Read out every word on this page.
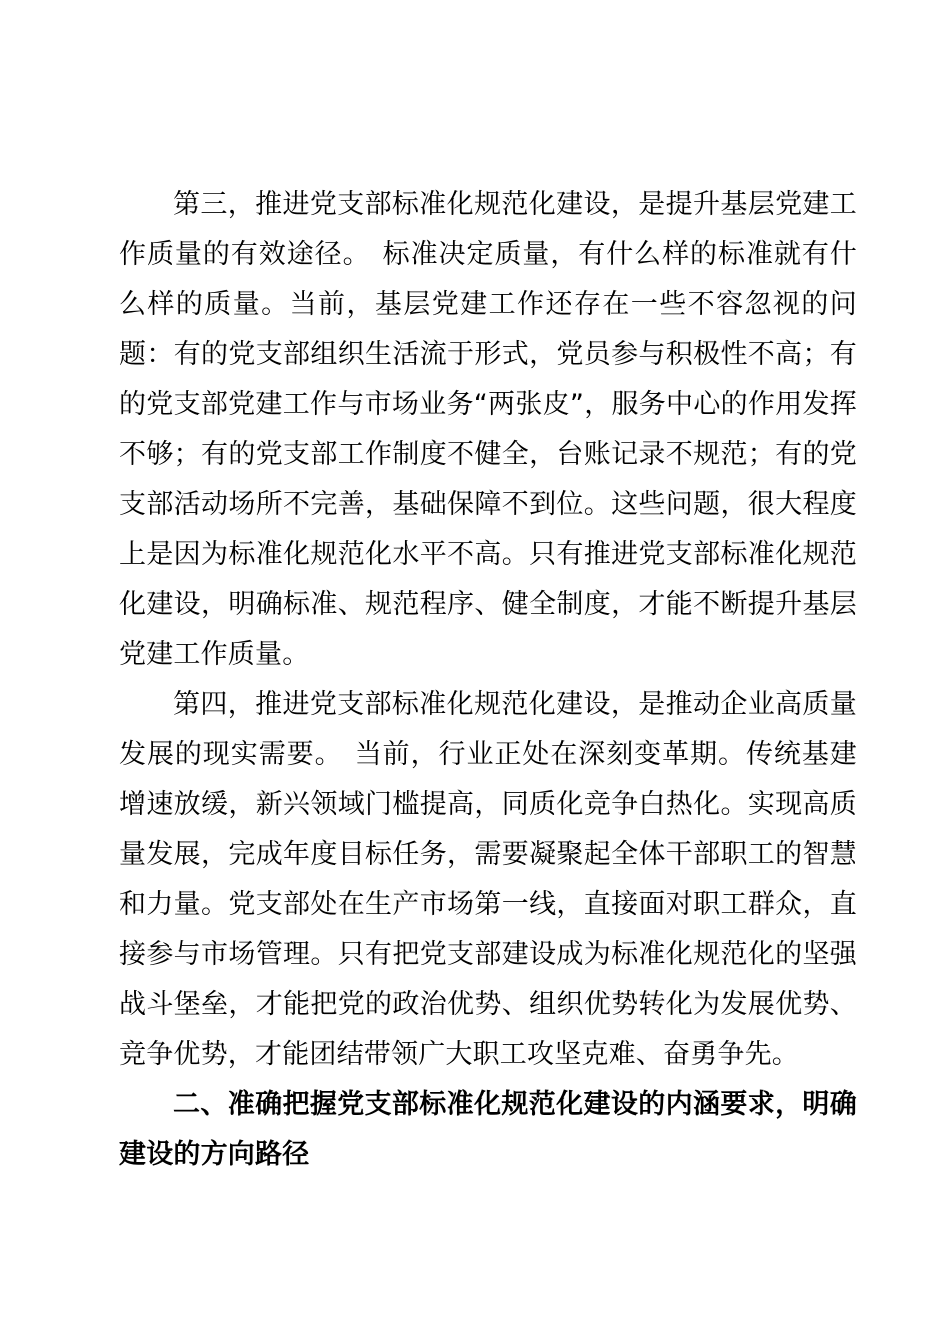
第三，推进党支部标准化规范化建设，是提升基层党建工作质量的有效途径。 标准决定质量，有什么样的标准就有什么样的质量。当前，基层党建工作还存在一些不容忽视的问题：有的党支部组织生活流于形式，党员参与积极性不高；有的党支部党建工作与市场业务“两张皮”，服务中心的作用发挥不够；有的党支部工作制度不健全，台账记录不规范；有的党支部活动场所不完善，基础保障不到位。这些问题，很大程度上是因为标准化规范化水平不高。只有推进党支部标准化规范化建设，明确标准、规范程序、健全制度，才能不断提升基层党建工作质量。

第四，推进党支部标准化规范化建设，是推动企业高质量发展的现实需要。 当前，行业正处在深刻变革期。传统基建增速放缓，新兴领域门槛提高，同质化竞争白热化。实现高质量发展，完成年度目标任务，需要凝聚起全体干部职工的智慧和力量。党支部处在生产市场第一线，直接面对职工群众，直接参与市场管理。只有把党支部建设成为标准化规范化的坚强战斗堡垒，才能把党的政治优势、组织优势转化为发展优势、竞争优势，才能团结带领广大职工攻坚克难、奋勇争先。

二、准确把握党支部标准化规范化建设的内涵要求，明确建设的方向路径
